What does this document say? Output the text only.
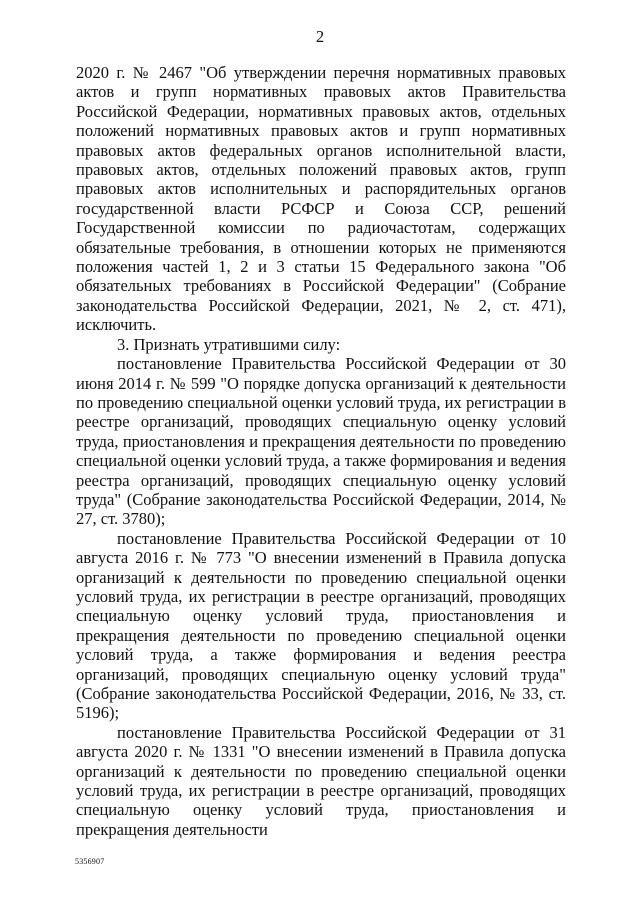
2

2020 г. № 2467 "Об утверждении перечня нормативных правовых актов и групп нормативных правовых актов Правительства Российской Федерации, нормативных правовых актов, отдельных положений нормативных правовых актов и групп нормативных правовых актов федеральных органов исполнительной власти, правовых актов, отдельных положений правовых актов, групп правовых актов исполнительных и распорядительных органов государственной власти РСФСР и Союза ССР, решений Государственной комиссии по радиочастотам, содержащих обязательные требования, в отношении которых не применяются положения частей 1, 2 и 3 статьи 15 Федерального закона "Об обязательных требованиях в Российской Федерации" (Собрание законодательства Российской Федерации, 2021, № 2, ст. 471), исключить.

3. Признать утратившими силу:

постановление Правительства Российской Федерации от 30 июня 2014 г. № 599 "О порядке допуска организаций к деятельности по проведению специальной оценки условий труда, их регистрации в реестре организаций, проводящих специальную оценку условий труда, приостановления и прекращения деятельности по проведению специальной оценки условий труда, а также формирования и ведения реестра организаций, проводящих специальную оценку условий труда" (Собрание законодательства Российской Федерации, 2014, № 27, ст. 3780);

постановление Правительства Российской Федерации от 10 августа 2016 г. № 773 "О внесении изменений в Правила допуска организаций к деятельности по проведению специальной оценки условий труда, их регистрации в реестре организаций, проводящих специальную оценку условий труда, приостановления и прекращения деятельности по проведению специальной оценки условий труда, а также формирования и ведения реестра организаций, проводящих специальную оценку условий труда" (Собрание законодательства Российской Федерации, 2016, № 33, ст. 5196);

постановление Правительства Российской Федерации от 31 августа 2020 г. № 1331 "О внесении изменений в Правила допуска организаций к деятельности по проведению специальной оценки условий труда, их регистрации в реестре организаций, проводящих специальную оценку условий труда, приостановления и прекращения деятельности

5356907
